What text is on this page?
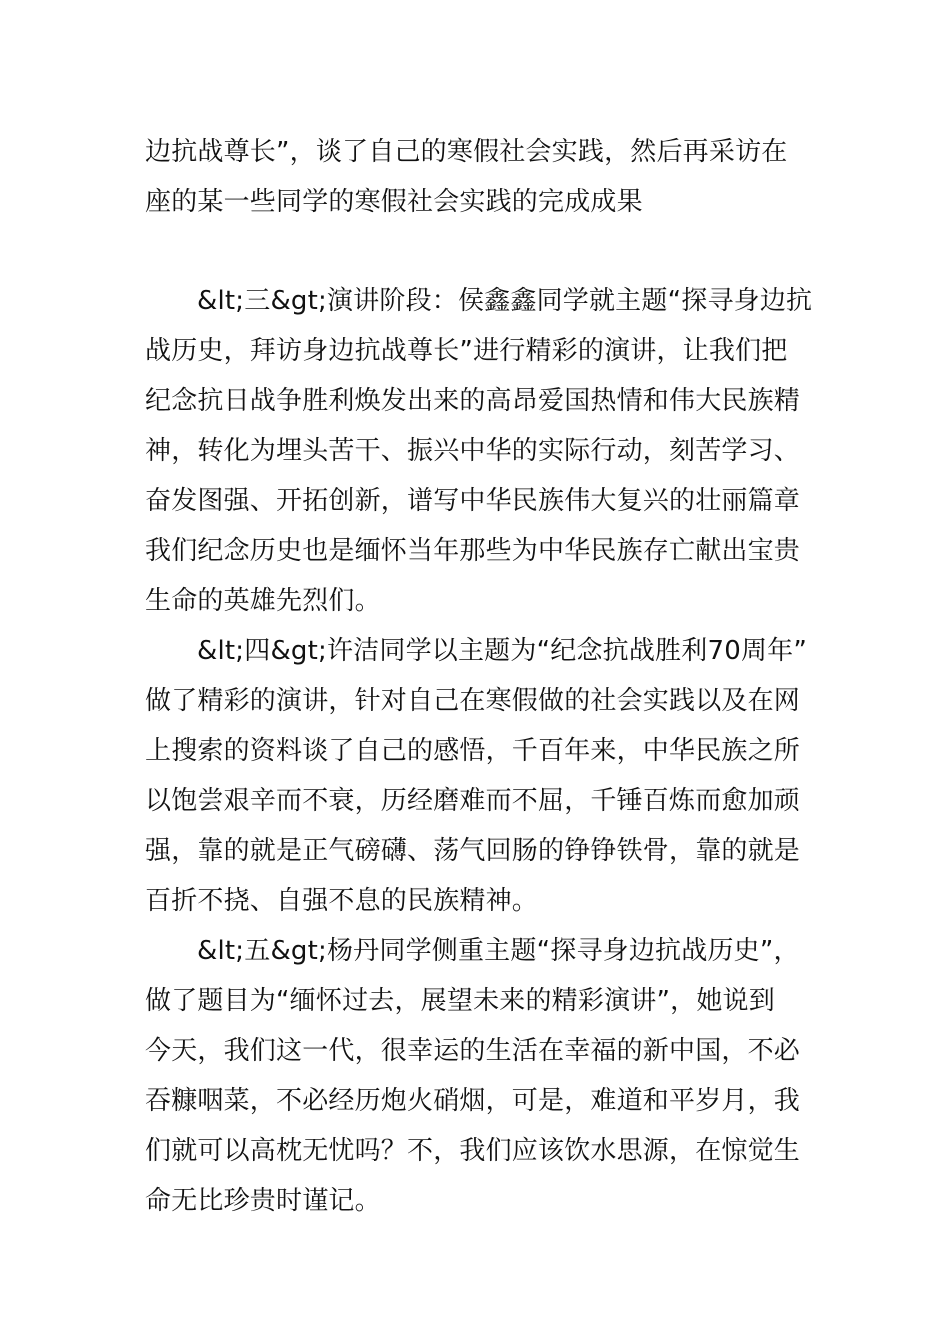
边抗战尊长”，谈了自己的寒假社会实践，然后再采访在
座的某一些同学的寒假社会实践的完成成果
&lt;三&gt;演讲阶段：侯鑫鑫同学就主题“探寻身边抗
战历史，拜访身边抗战尊长”进行精彩的演讲，让我们把
纪念抗日战争胜利焕发出来的高昂爱国热情和伟大民族精
神，转化为埋头苦干、振兴中华的实际行动，刻苦学习、
奋发图强、开拓创新，谱写中华民族伟大复兴的壮丽篇章
我们纪念历史也是缅怀当年那些为中华民族存亡献出宝贵
生命的英雄先烈们。
&lt;四&gt;许洁同学以主题为“纪念抗战胜利70周年”
做了精彩的演讲，针对自己在寒假做的社会实践以及在网
上搜索的资料谈了自己的感悟，千百年来，中华民族之所
以饱尝艰辛而不衰，历经磨难而不屈，千锤百炼而愈加顽
强，靠的就是正气磅礴、荡气回肠的铮铮铁骨，靠的就是
百折不挠、自强不息的民族精神。
&lt;五&gt;杨丹同学侧重主题“探寻身边抗战历史”，
做了题目为“缅怀过去，展望未来的精彩演讲”，她说到
今天，我们这一代，很幸运的生活在幸福的新中国，不必
吞糠咽菜，不必经历炮火硝烟，可是，难道和平岁月，我
们就可以高枕无忧吗？不，我们应该饮水思源，在惊觉生
命无比珍贵时谨记。
